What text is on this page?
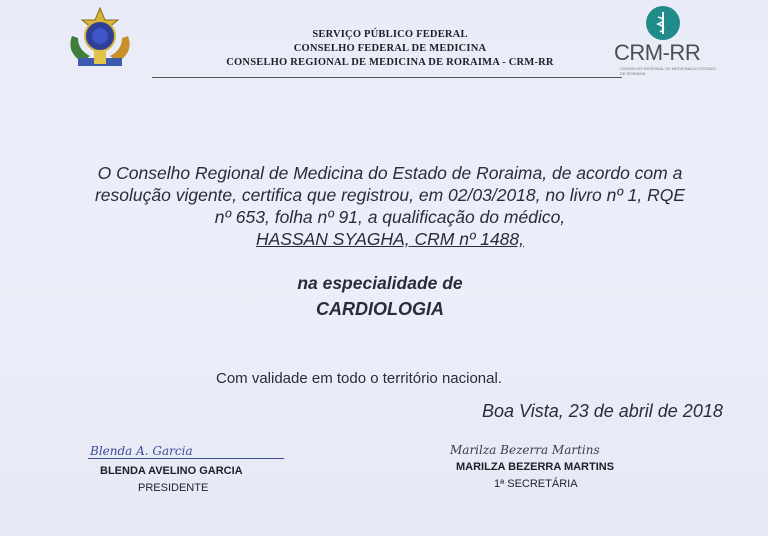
SERVIÇO PÚBLICO FEDERAL
CONSELHO FEDERAL DE MEDICINA
CONSELHO REGIONAL DE MEDICINA DE RORAIMA - CRM-RR	CRM-RR
CONSELHO REGIONAL DE MEDICINA DO ESTADO DE RORAIMA
O Conselho Regional de Medicina do Estado de Roraima, de acordo com a
resolução vigente, certifica que registrou, em 02/03/2018, no livro nº 1, RQE
nº 653, folha nº 91, a qualificação do médico,
HASSAN SYAGHA, CRM nº 1488,
na especialidade de
CARDIOLOGIA
Com validade em todo o território nacional.
Boa Vista, 23 de abril de 2018
Blenda A. Garcia
BLENDA AVELINO GARCIA
PRESIDENTE
Marilza Bezerra Martins
MARILZA BEZERRA MARTINS
1ª SECRETÁRIA
